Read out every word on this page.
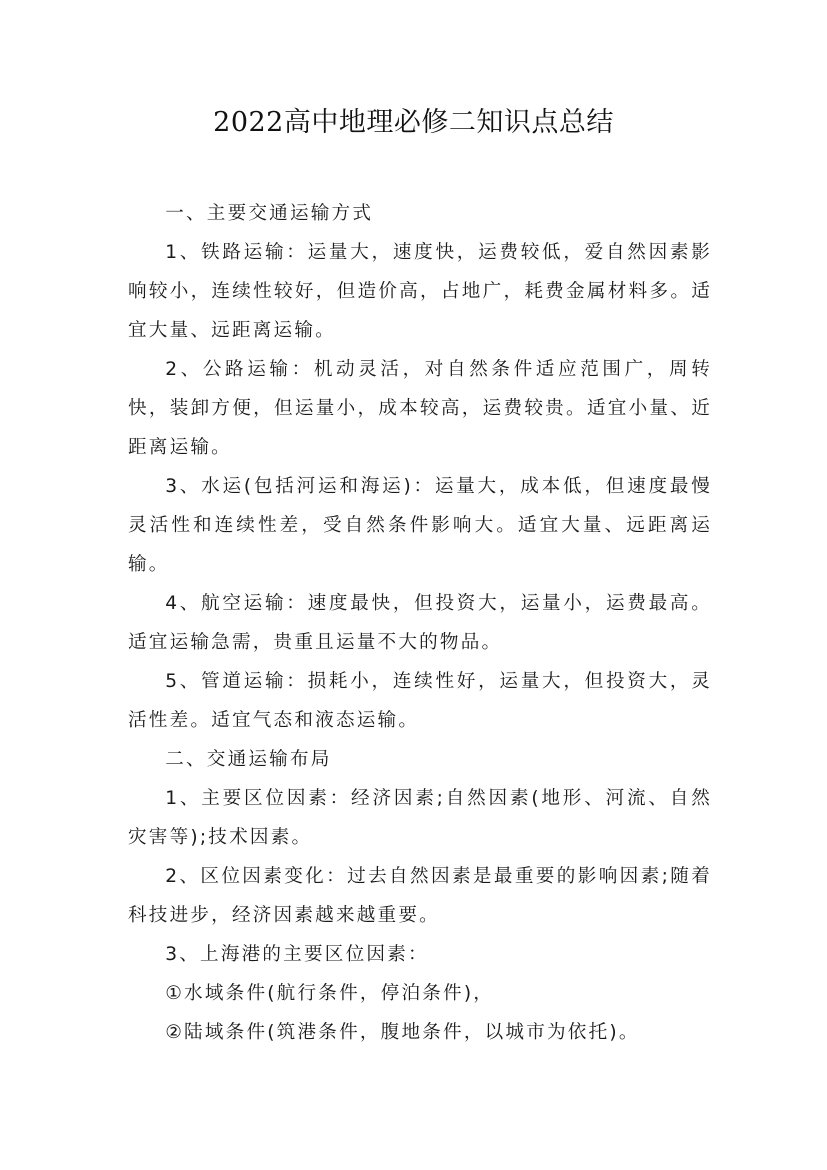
2022高中地理必修二知识点总结

一、主要交通运输方式

1、铁路运输：运量大，速度快，运费较低，爱自然因素影响较小，连续性较好，但造价高，占地广，耗费金属材料多。适宜大量、远距离运输。

2、公路运输：机动灵活，对自然条件适应范围广，周转快，装卸方便，但运量小，成本较高，运费较贵。适宜小量、近距离运输。

3、水运(包括河运和海运)：运量大，成本低，但速度最慢灵活性和连续性差，受自然条件影响大。适宜大量、远距离运输。

4、航空运输：速度最快，但投资大，运量小，运费最高。适宜运输急需，贵重且运量不大的物品。

5、管道运输：损耗小，连续性好，运量大，但投资大，灵活性差。适宜气态和液态运输。

二、交通运输布局

1、主要区位因素：经济因素;自然因素(地形、河流、自然灾害等);技术因素。

2、区位因素变化：过去自然因素是最重要的影响因素;随着科技进步，经济因素越来越重要。

3、上海港的主要区位因素：

①水域条件(航行条件，停泊条件)，

②陆域条件(筑港条件，腹地条件，以城市为依托)。
